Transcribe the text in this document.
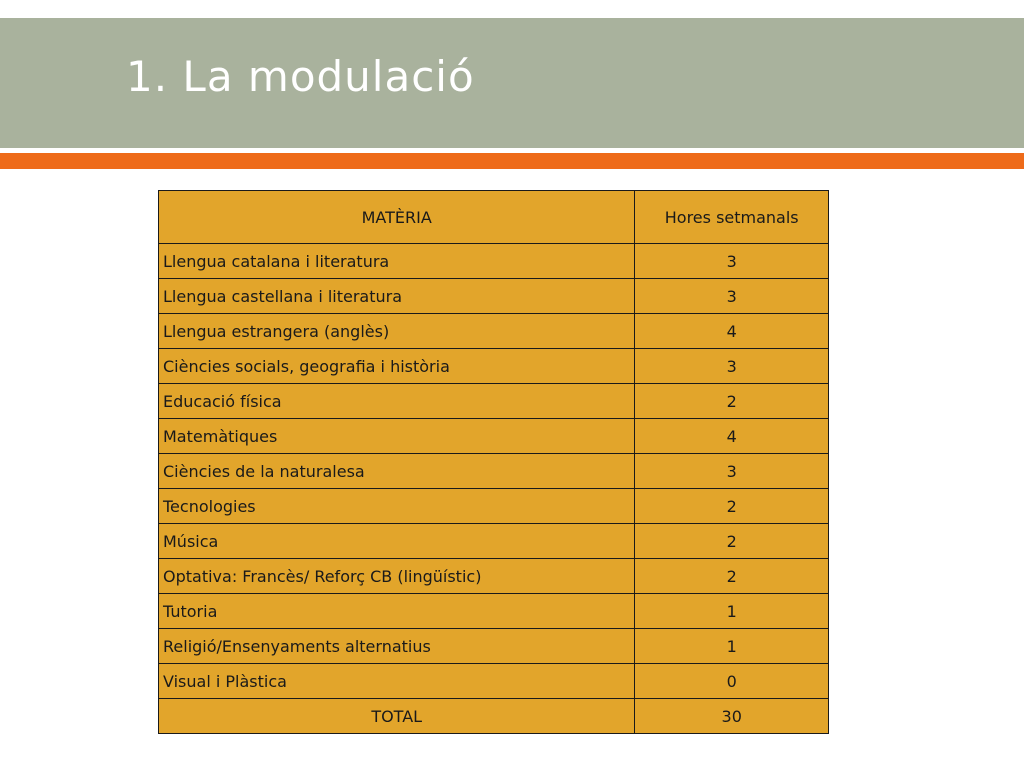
1. La modulació
MATÈRIA	Hores setmanals
Llengua catalana i literatura	3
Llengua castellana i literatura	3
Llengua estrangera (anglès)	4
Ciències socials, geografia i història	3
Educació física	2
Matemàtiques	4
Ciències de la naturalesa	3
Tecnologies	2
Música	2
Optativa: Francès/ Reforç CB (lingüístic)	2
Tutoria	1
Religió/Ensenyaments alternatius	1
Visual i Plàstica	0
TOTAL	30
